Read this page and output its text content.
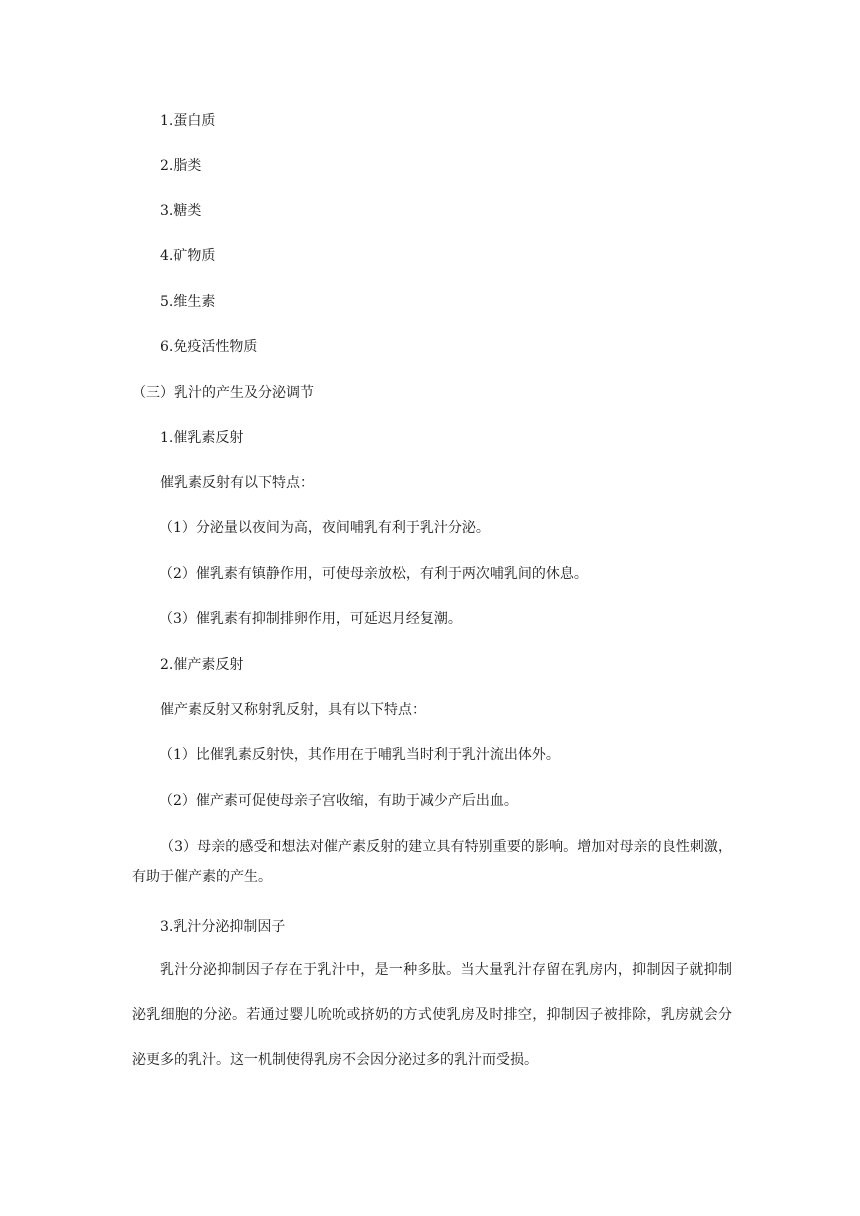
1.蛋白质
2.脂类
3.糖类
4.矿物质
5.维生素
6.免疫活性物质
（三）乳汁的产生及分泌调节
1.催乳素反射
催乳素反射有以下特点：
（1）分泌量以夜间为高，夜间哺乳有利于乳汁分泌。
（2）催乳素有镇静作用，可使母亲放松，有利于两次哺乳间的休息。
（3）催乳素有抑制排卵作用，可延迟月经复潮。
2.催产素反射
催产素反射又称射乳反射，具有以下特点：
（1）比催乳素反射快，其作用在于哺乳当时利于乳汁流出体外。
（2）催产素可促使母亲子宫收缩，有助于减少产后出血。
（3）母亲的感受和想法对催产素反射的建立具有特别重要的影响。增加对母亲的良性刺激，有助于催产素的产生。
3.乳汁分泌抑制因子
乳汁分泌抑制因子存在于乳汁中，是一种多肽。当大量乳汁存留在乳房内，抑制因子就抑制泌乳细胞的分泌。若通过婴儿吮吮或挤奶的方式使乳房及时排空，抑制因子被排除，乳房就会分泌更多的乳汁。这一机制使得乳房不会因分泌过多的乳汁而受损。
